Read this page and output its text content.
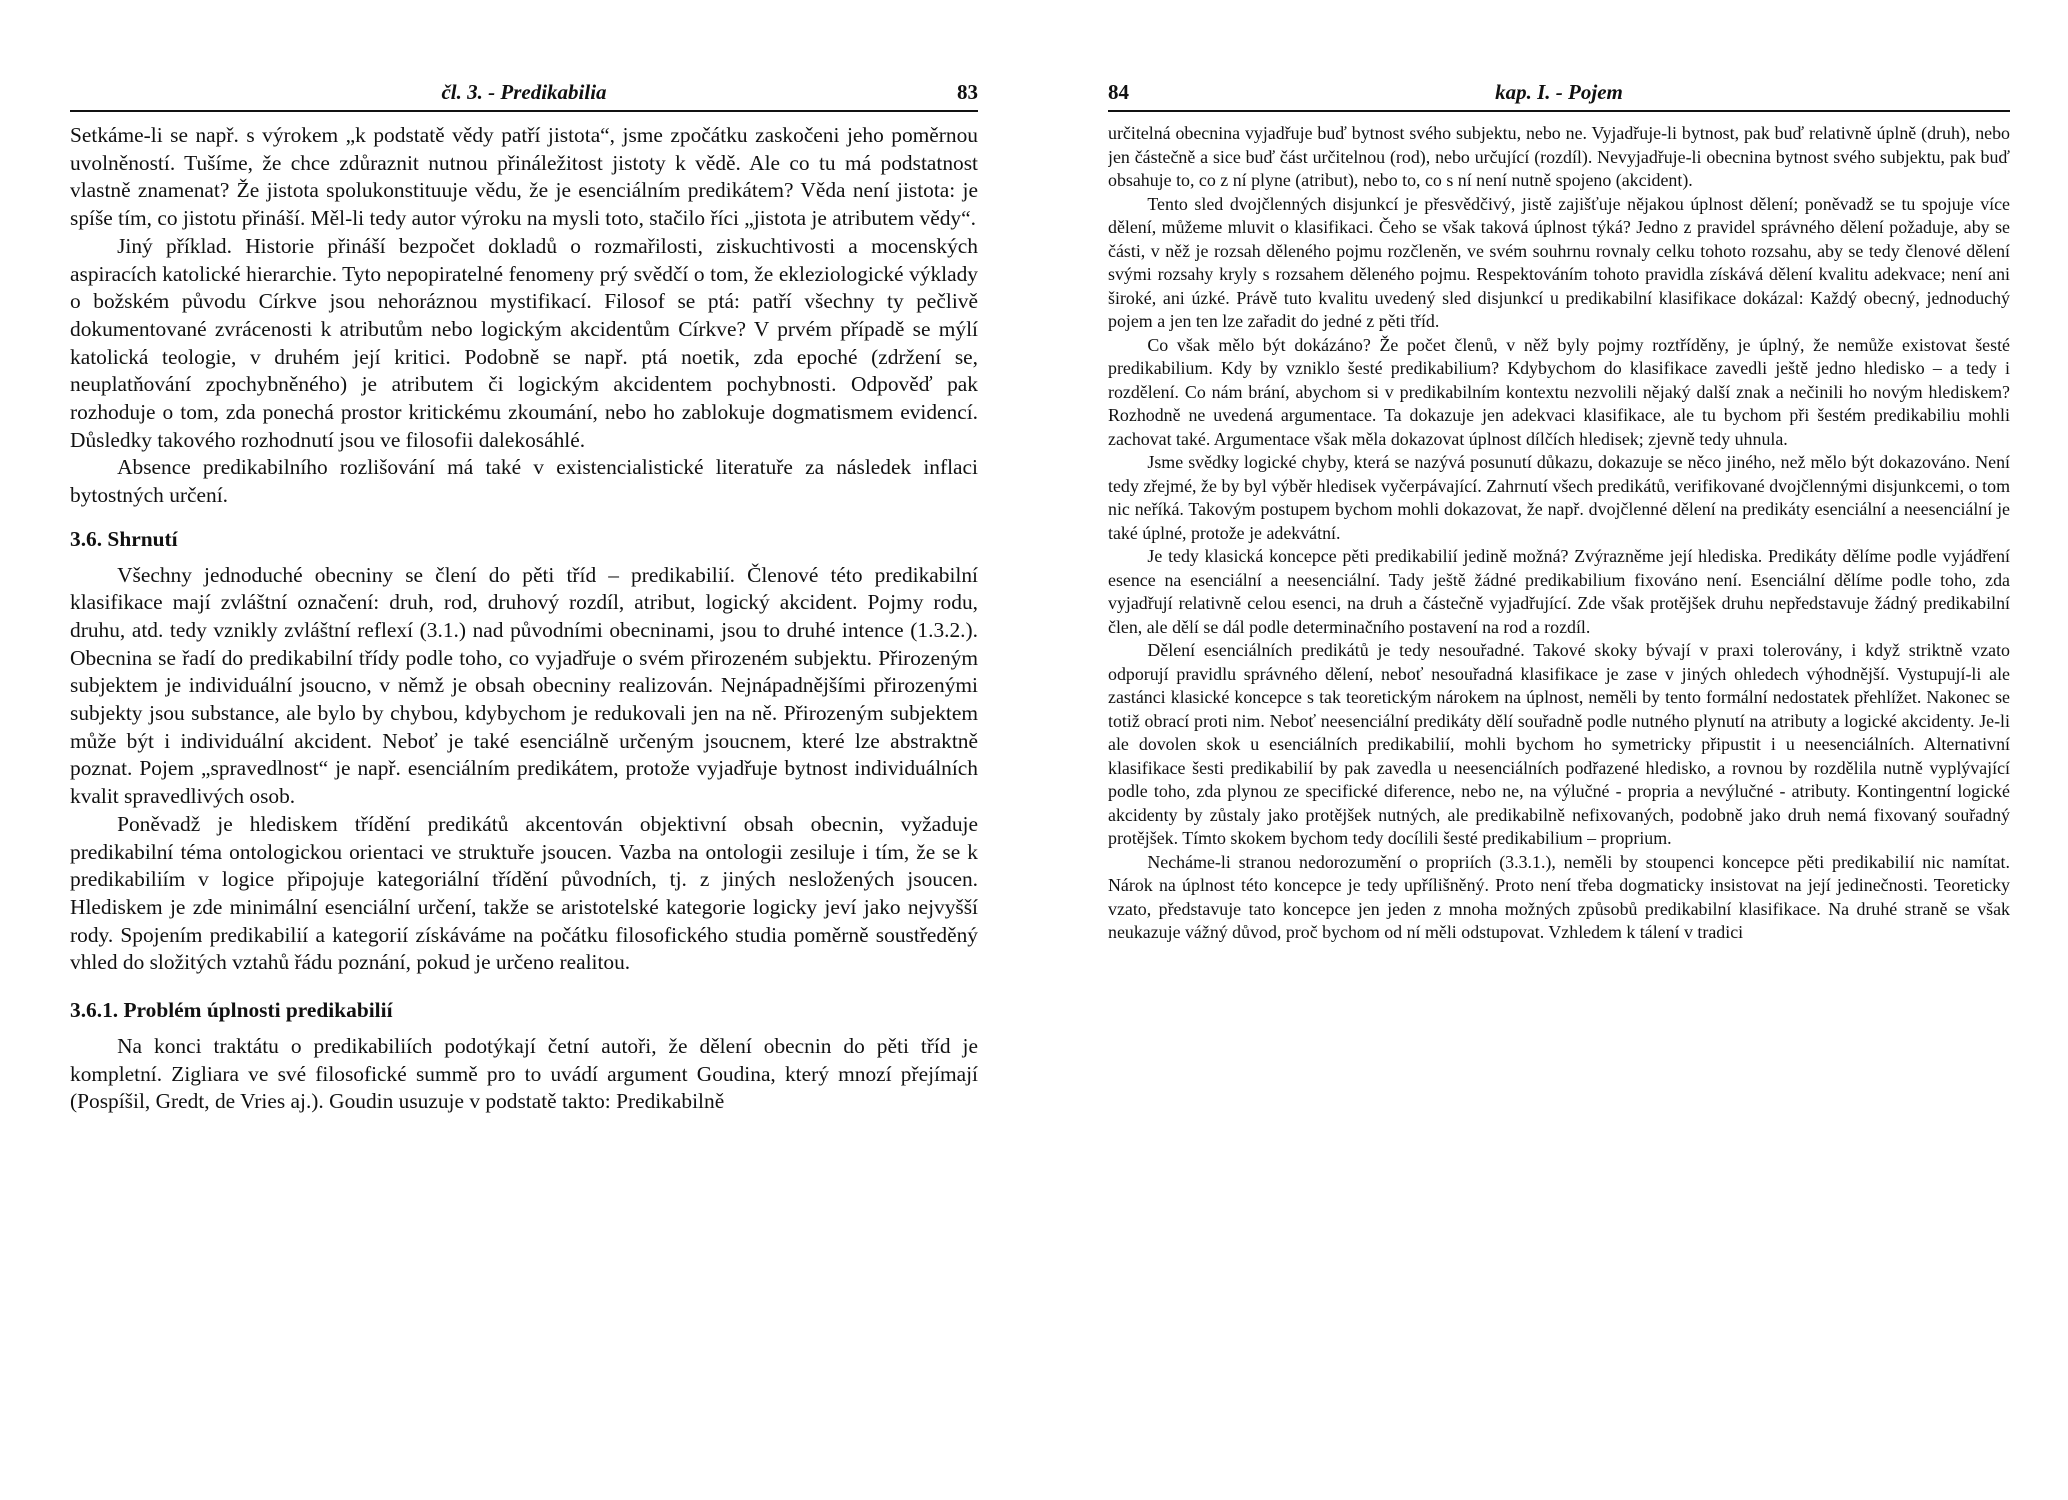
čl. 3. - Predikabilia	83

Setkáme-li se např. s výrokem „k podstatě vědy patří jistota“, jsme zpočátku zaskočeni jeho poměrnou uvolněností. Tušíme, že chce zdůraznit nutnou přináležitost jistoty k vědě. Ale co tu má podstatnost vlastně znamenat? Že jistota spolukonstituuje vědu, že je esenciálním predikátem? Věda není jistota: je spíše tím, co jistotu přináší. Měl-li tedy autor výroku na mysli toto, stačilo říci „jistota je atributem vědy“.

Jiný příklad. Historie přináší bezpočet dokladů o rozmařilosti, ziskuchtivosti a mocenských aspiracích katolické hierarchie. Tyto nepopiratelné fenomeny prý svědčí o tom, že ekleziologické výklady o božském původu Církve jsou nehoráznou mystifikací. Filosof se ptá: patří všechny ty pečlivě dokumentované zvrácenosti k atributům nebo logickým akcidentům Církve? V prvém případě se mýlí katolická teologie, v druhém její kritici. Podobně se např. ptá noetik, zda epoché (zdržení se, neuplatňování zpochybněného) je atributem či logickým akcidentem pochybnosti. Odpověď pak rozhoduje o tom, zda ponechá prostor kritickému zkoumání, nebo ho zablokuje dogmatismem evidencí. Důsledky takového rozhodnutí jsou ve filosofii dalekosáhlé.

Absence predikabilního rozlišování má také v existencialistické literatuře za následek inflaci bytostných určení.

3.6. Shrnutí

Všechny jednoduché obecniny se člení do pěti tříd – predikabilií. Členové této predikabilní klasifikace mají zvláštní označení: druh, rod, druhový rozdíl, atribut, logický akcident. Pojmy rodu, druhu, atd. tedy vznikly zvláštní reflexí (3.1.) nad původními obecninami, jsou to druhé intence (1.3.2.). Obecnina se řadí do predikabilní třídy podle toho, co vyjadřuje o svém přirozeném subjektu. Přirozeným subjektem je individuální jsoucno, v němž je obsah obecniny realizován. Nejnápadnějšími přirozenými subjekty jsou substance, ale bylo by chybou, kdybychom je redukovali jen na ně. Přirozeným subjektem může být i individuální akcident. Neboť je také esenciálně určeným jsoucnem, které lze abstraktně poznat. Pojem „spravedlnost“ je např. esenciálním predikátem, protože vyjadřuje bytnost individuálních kvalit spravedlivých osob.

Poněvadž je hlediskem třídění predikátů akcentován objektivní obsah obecnin, vyžaduje predikabilní téma ontologickou orientaci ve struktuře jsoucen. Vazba na ontologii zesiluje i tím, že se k predikabiliím v logice připojuje kategoriální třídění původních, tj. z jiných nesložených jsoucen. Hlediskem je zde minimální esenciální určení, takže se aristotelské kategorie logicky jeví jako nejvyšší rody. Spojením predikabilií a kategorií získáváme na počátku filosofického studia poměrně soustředěný vhled do složitých vztahů řádu poznání, pokud je určeno realitou.

3.6.1. Problém úplnosti predikabilií

Na konci traktátu o predikabiliích podotýkají četní autoři, že dělení obecnin do pěti tříd je kompletní. Zigliara ve své filosofické summě pro to uvádí argument Goudina, který mnozí přejímají (Pospíšil, Gredt, de Vries aj.). Goudin usuzuje v podstatě takto: Predikabilně

84	kap. I. - Pojem

určitelná obecnina vyjadřuje buď bytnost svého subjektu, nebo ne. Vyjadřuje-li bytnost, pak buď relativně úplně (druh), nebo jen částečně a sice buď část určitelnou (rod), nebo určující (rozdíl). Nevyjadřuje-li obecnina bytnost svého subjektu, pak buď obsahuje to, co z ní plyne (atribut), nebo to, co s ní není nutně spojeno (akcident).

Tento sled dvojčlenných disjunkcí je přesvědčivý, jistě zajišťuje nějakou úplnost dělení; poněvadž se tu spojuje více dělení, můžeme mluvit o klasifikaci. Čeho se však taková úplnost týká? Jedno z pravidel správného dělení požaduje, aby se části, v něž je rozsah děleného pojmu rozčleněn, ve svém souhrnu rovnaly celku tohoto rozsahu, aby se tedy členové dělení svými rozsahy kryly s rozsahem děleného pojmu. Respektováním tohoto pravidla získává dělení kvalitu adekvace; není ani široké, ani úzké. Právě tuto kvalitu uvedený sled disjunkcí u predikabilní klasifikace dokázal: Každý obecný, jednoduchý pojem a jen ten lze zařadit do jedné z pěti tříd.

Co však mělo být dokázáno? Že počet členů, v něž byly pojmy roztříděny, je úplný, že nemůže existovat šesté predikabilium. Kdy by vzniklo šesté predikabilium? Kdybychom do klasifikace zavedli ještě jedno hledisko – a tedy i rozdělení. Co nám brání, abychom si v predikabilním kontextu nezvolili nějaký další znak a nečinili ho novým hlediskem? Rozhodně ne uvedená argumentace. Ta dokazuje jen adekvaci klasifikace, ale tu bychom při šestém predikabiliu mohli zachovat také. Argumentace však měla dokazovat úplnost dílčích hledisek; zjevně tedy uhnula.

Jsme svědky logické chyby, která se nazývá posunutí důkazu, dokazuje se něco jiného, než mělo být dokazováno. Není tedy zřejmé, že by byl výběr hledisek vyčerpávající. Zahrnutí všech predikátů, verifikované dvojčlennými disjunkcemi, o tom nic neříká. Takovým postupem bychom mohli dokazovat, že např. dvojčlenné dělení na predikáty esenciální a neesenciální je také úplné, protože je adekvátní.

Je tedy klasická koncepce pěti predikabilií jedině možná? Zvýrazněme její hlediska. Predikáty dělíme podle vyjádření esence na esenciální a neesenciální. Tady ještě žádné predikabilium fixováno není. Esenciální dělíme podle toho, zda vyjadřují relativně celou esenci, na druh a částečně vyjadřující. Zde však protějšek druhu nepředstavuje žádný predikabilní člen, ale dělí se dál podle determinačního postavení na rod a rozdíl.

Dělení esenciálních predikátů je tedy nesouřadné. Takové skoky bývají v praxi tolerovány, i když striktně vzato odporují pravidlu správného dělení, neboť nesouřadná klasifikace je zase v jiných ohledech výhodnější. Vystupují-li ale zastánci klasické koncepce s tak teoretickým nárokem na úplnost, neměli by tento formální nedostatek přehlížet. Nakonec se totiž obrací proti nim. Neboť neesenciální predikáty dělí souřadně podle nutného plynutí na atributy a logické akcidenty. Je-li ale dovolen skok u esenciálních predikabilií, mohli bychom ho symetricky připustit i u neesenciálních. Alternativní klasifikace šesti predikabilií by pak zavedla u neesenciálních podřazené hledisko, a rovnou by rozdělila nutně vyplývající podle toho, zda plynou ze specifické diference, nebo ne, na výlučné - propria a nevýlučné - atributy. Kontingentní logické akcidenty by zůstaly jako protějšek nutných, ale predikabilně nefixovaných, podobně jako druh nemá fixovaný souřadný protějšek. Tímto skokem bychom tedy docílili šesté predikabilium – proprium.

Necháme-li stranou nedorozumění o propriích (3.3.1.), neměli by stoupenci koncepce pěti predikabilií nic namítat. Nárok na úplnost této koncepce je tedy upřílišněný. Proto není třeba dogmaticky insistovat na její jedinečnosti. Teoreticky vzato, představuje tato koncepce jen jeden z mnoha možných způsobů predikabilní klasifikace. Na druhé straně se však neukazuje vážný důvod, proč bychom od ní měli odstupovat. Vzhledem k tálení v tradici
